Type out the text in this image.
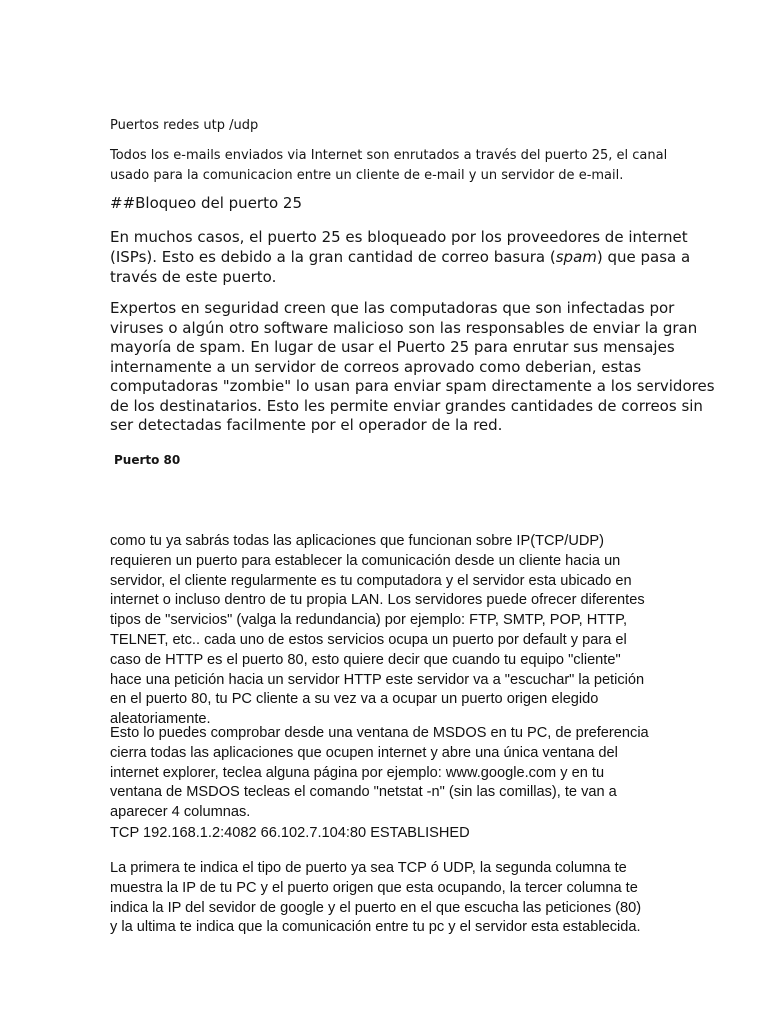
Puertos redes utp /udp

Todos los e-mails enviados via Internet son enrutados a través del puerto 25, el canal
usado para la comunicacion entre un cliente de e-mail y un servidor de e-mail.

##Bloqueo del puerto 25

En muchos casos, el puerto 25 es bloqueado por los proveedores de internet
(ISPs). Esto es debido a la gran cantidad de correo basura (spam) que pasa a
través de este puerto.

Expertos en seguridad creen que las computadoras que son infectadas por
viruses o algún otro software malicioso son las responsables de enviar la gran
mayoría de spam. En lugar de usar el Puerto 25 para enrutar sus mensajes
internamente a un servidor de correos aprovado como deberian, estas
computadoras "zombie" lo usan para enviar spam directamente a los servidores
de los destinatarios. Esto les permite enviar grandes cantidades de correos sin
ser detectadas facilmente por el operador de la red.

Puerto 80

como tu ya sabrás todas las aplicaciones que funcionan sobre IP(TCP/UDP)
requieren un puerto para establecer la comunicación desde un cliente hacia un
servidor, el cliente regularmente es tu computadora y el servidor esta ubicado en
internet o incluso dentro de tu propia LAN. Los servidores puede ofrecer diferentes
tipos de "servicios" (valga la redundancia) por ejemplo: FTP, SMTP, POP, HTTP,
TELNET, etc.. cada uno de estos servicios ocupa un puerto por default y para el
caso de HTTP es el puerto 80, esto quiere decir que cuando tu equipo "cliente"
hace una petición hacia un servidor HTTP este servidor va a "escuchar" la petición
en el puerto 80, tu PC cliente a su vez va a ocupar un puerto origen elegido
aleatoriamente.

Esto lo puedes comprobar desde una ventana de MSDOS en tu PC, de preferencia
cierra todas las aplicaciones que ocupen internet y abre una única ventana del
internet explorer, teclea alguna página por ejemplo: www.google.com y en tu
ventana de MSDOS tecleas el comando "netstat -n" (sin las comillas), te van a
aparecer 4 columnas.

TCP 192.168.1.2:4082 66.102.7.104:80 ESTABLISHED

La primera te indica el tipo de puerto ya sea TCP ó UDP, la segunda columna te
muestra la IP de tu PC y el puerto origen que esta ocupando, la tercer columna te
indica la IP del sevidor de google y el puerto en el que escucha las peticiones (80)
y la ultima te indica que la comunicación entre tu pc y el servidor esta establecida.
